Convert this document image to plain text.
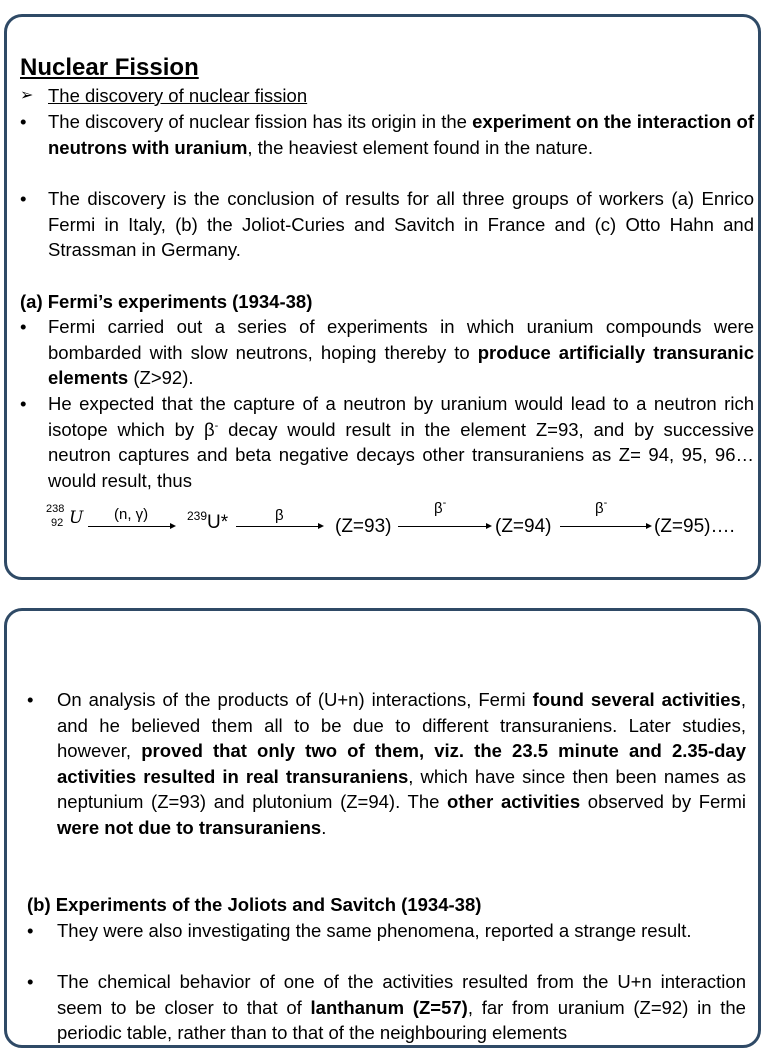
Nuclear Fission
➢ The discovery of nuclear fission
•	The discovery of nuclear fission has its origin in the experiment on the interaction of neutrons with uranium, the heaviest element found in the nature.
•	The discovery is the conclusion of results for all three groups of workers (a) Enrico Fermi in Italy, (b) the Joliot-Curies and Savitch in France and (c) Otto Hahn and Strassman in Germany.
(a) Fermi’s experiments (1934-38)
•	Fermi carried out a series of experiments in which uranium compounds were bombarded with slow neutrons, hoping thereby to produce artificially transuranic elements (Z>92).
•	He expected that the capture of a neutron by uranium would lead to a neutron rich isotope which by β- decay would result in the element Z=93, and by successive neutron captures and beta negative decays other transuraniens as Z= 94, 95, 96… would result, thus
238
92 U (n, γ)	$^{239}$U*	β
(Z=93)
β-
(Z=94)
β-
(Z=95)….
•	On analysis of the products of (U+n) interactions, Fermi found several activities, and he believed them all to be due to different transuraniens. Later studies, however, proved that only two of them, viz. the 23.5 minute and 2.35-day activities resulted in real transuraniens, which have since then been names as neptunium (Z=93) and plutonium (Z=94). The other activities observed by Fermi were not due to transuraniens.
(b) Experiments of the Joliots and Savitch (1934-38)
•	They were also investigating the same phenomena, reported a strange result.
•	The chemical behavior of one of the activities resulted from the U+n interaction seem to be closer to that of lanthanum (Z=57), far from uranium (Z=92) in the periodic table, rather than to that of the neighbouring elements
